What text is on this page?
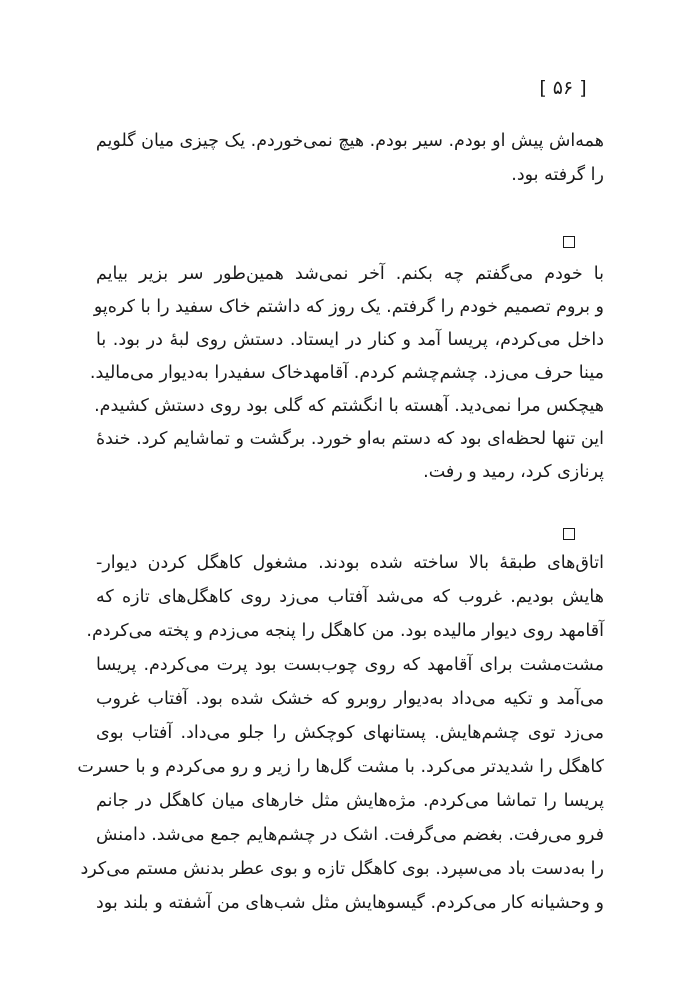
[ ۵۶ ]
همه‌اش پیش او بودم. سیر بودم. هیچ نمی‌خوردم. یک چیزی میان گلویم
را گرفته بود.
با خودم می‌گفتم چه بکنم. آخر نمی‌شد همین‌طور سر بزیر بیایم
و بروم تصمیم خودم را گرفتم. یک روز که داشتم خاک سفید را با کره‌پو
داخل می‌کردم، پریسا آمد و کنار در ایستاد. دستش روی لبهٔ در بود. با
مینا حرف می‌زد. چشم‌چشم کردم. آقامهدخاک سفیدرا به‌دیوار می‌مالید.
هیچکس مرا نمی‌دید. آهسته با انگشتم که گلی بود روی دستش کشیدم.
این تنها لحظه‌ای بود که دستم به‌او خورد. برگشت و تماشایم کرد. خندهٔ
پرنازی کرد، رمید و رفت.
اتاق‌های طبقهٔ بالا ساخته شده بودند. مشغول کاهگل کردن دیوار-
هایش بودیم. غروب که می‌شد آفتاب می‌زد روی کاهگل‌های تازه که
آقامهد روی دیوار مالیده بود. من کاهگل را پنجه می‌زدم و پخته می‌کردم.
مشت‌مشت برای آقامهد که روی چوب‌بست بود پرت می‌کردم. پریسا
می‌آمد و تکیه می‌داد به‌دیوار روبرو که خشک شده بود. آفتاب غروب
می‌زد توی چشم‌هایش. پستانهای کوچکش را جلو می‌داد. آفتاب بوی
کاهگل را شدیدتر می‌کرد. با مشت گل‌ها را زیر و رو می‌کردم و با حسرت
پریسا را تماشا می‌کردم. مژه‌هایش مثل خارهای میان کاهگل در جانم
فرو می‌رفت. بغضم می‌گرفت. اشک در چشم‌هایم جمع می‌شد. دامنش
را به‌دست باد می‌سپرد. بوی کاهگل تازه و بوی عطر بدنش مستم می‌کرد
و وحشیانه کار می‌کردم. گیسوهایش مثل شب‌های من آشفته و بلند بود
